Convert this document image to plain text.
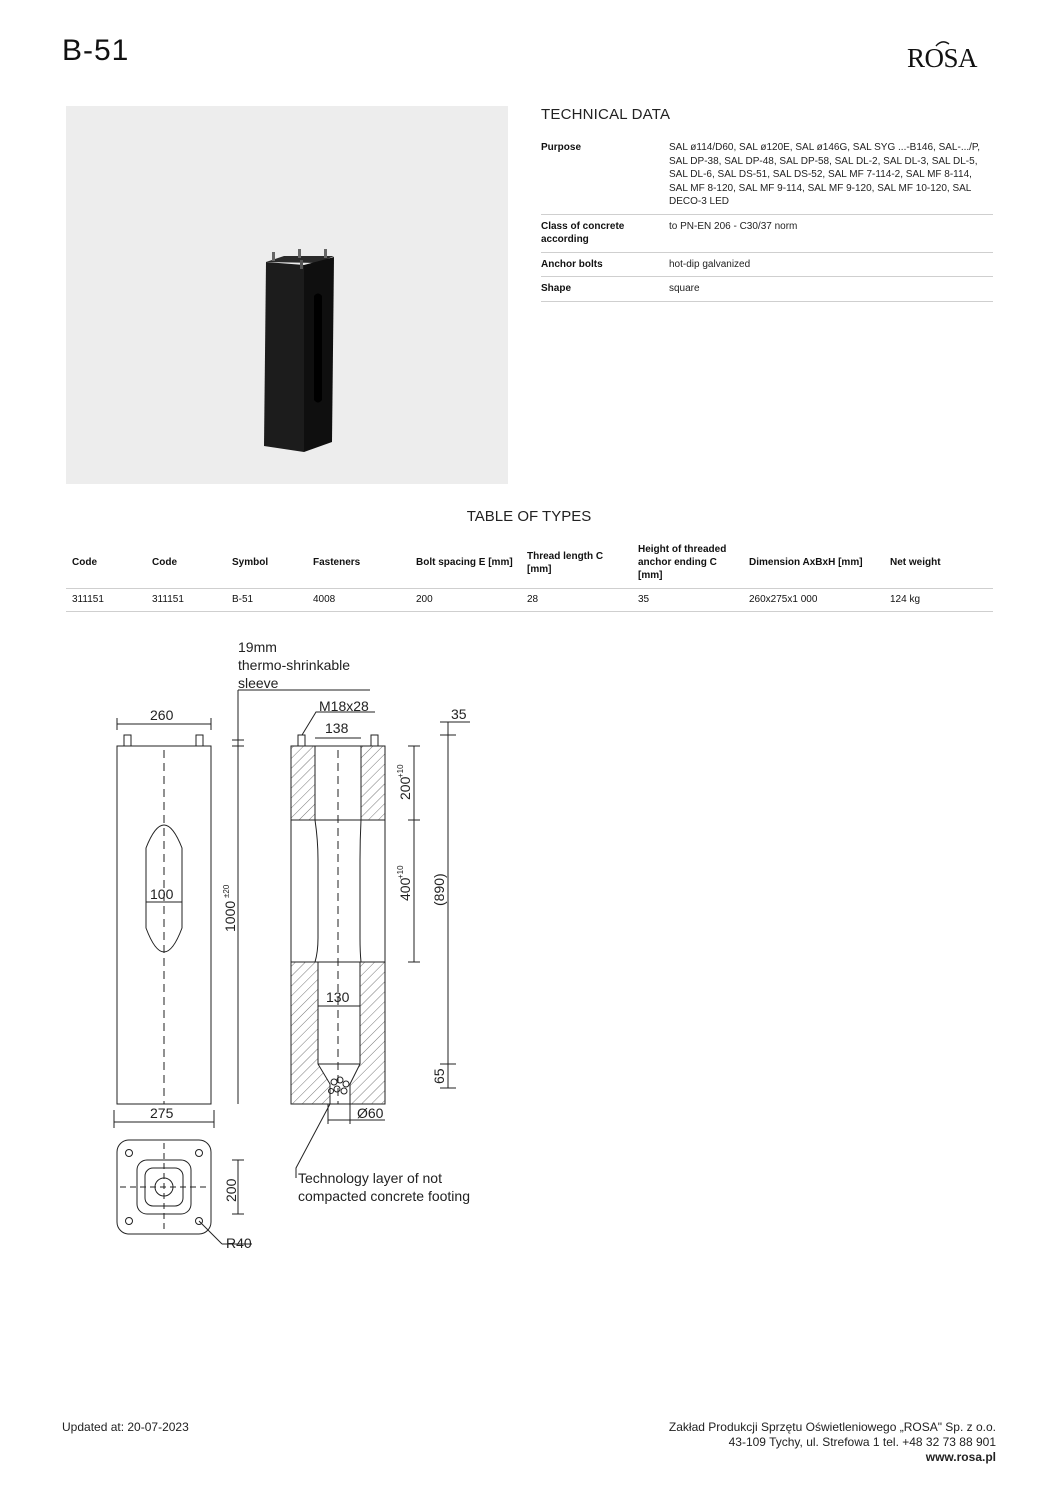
B-51	ROSA
TECHNICAL DATA
Purpose	SAL ø114/D60, SAL ø120E, SAL ø146G, SAL SYG ...-B146, SAL-.../P, SAL DP-38, SAL DP-48, SAL DP-58, SAL DL-2, SAL DL-3, SAL DL-5, SAL DL-6, SAL DS-51, SAL DS-52, SAL MF 7-114-2, SAL MF 8-114, SAL MF 8-120, SAL MF 9-114, SAL MF 9-120, SAL MF 10-120, SAL DECO-3 LED
Class of concrete according	to PN-EN 206 - C30/37 norm
Anchor bolts	hot-dip galvanized
Shape	square
TABLE OF TYPES
Code	Code	Symbol	Fasteners	Bolt spacing E [mm]	Thread length C [mm]	Height of threaded anchor ending C [mm]	Dimension AxBxH [mm]	Net weight
311151	311151	B-51	4008	200	28	35	260x275x1 000	124 kg
19mm
thermo-shrinkable
sleeve
260
275
100
1000
±20
M18x28
138
35
200
+10
400
+10
(890)
130
65
Ø60
200
R40
Technology layer of not
compacted concrete footing
Updated at: 20-07-2023	Zakład Produkcji Sprzętu Oświetleniowego „ROSA" Sp. z o.o.
43-109 Tychy, ul. Strefowa 1 tel. +48 32 73 88 901
www.rosa.pl
